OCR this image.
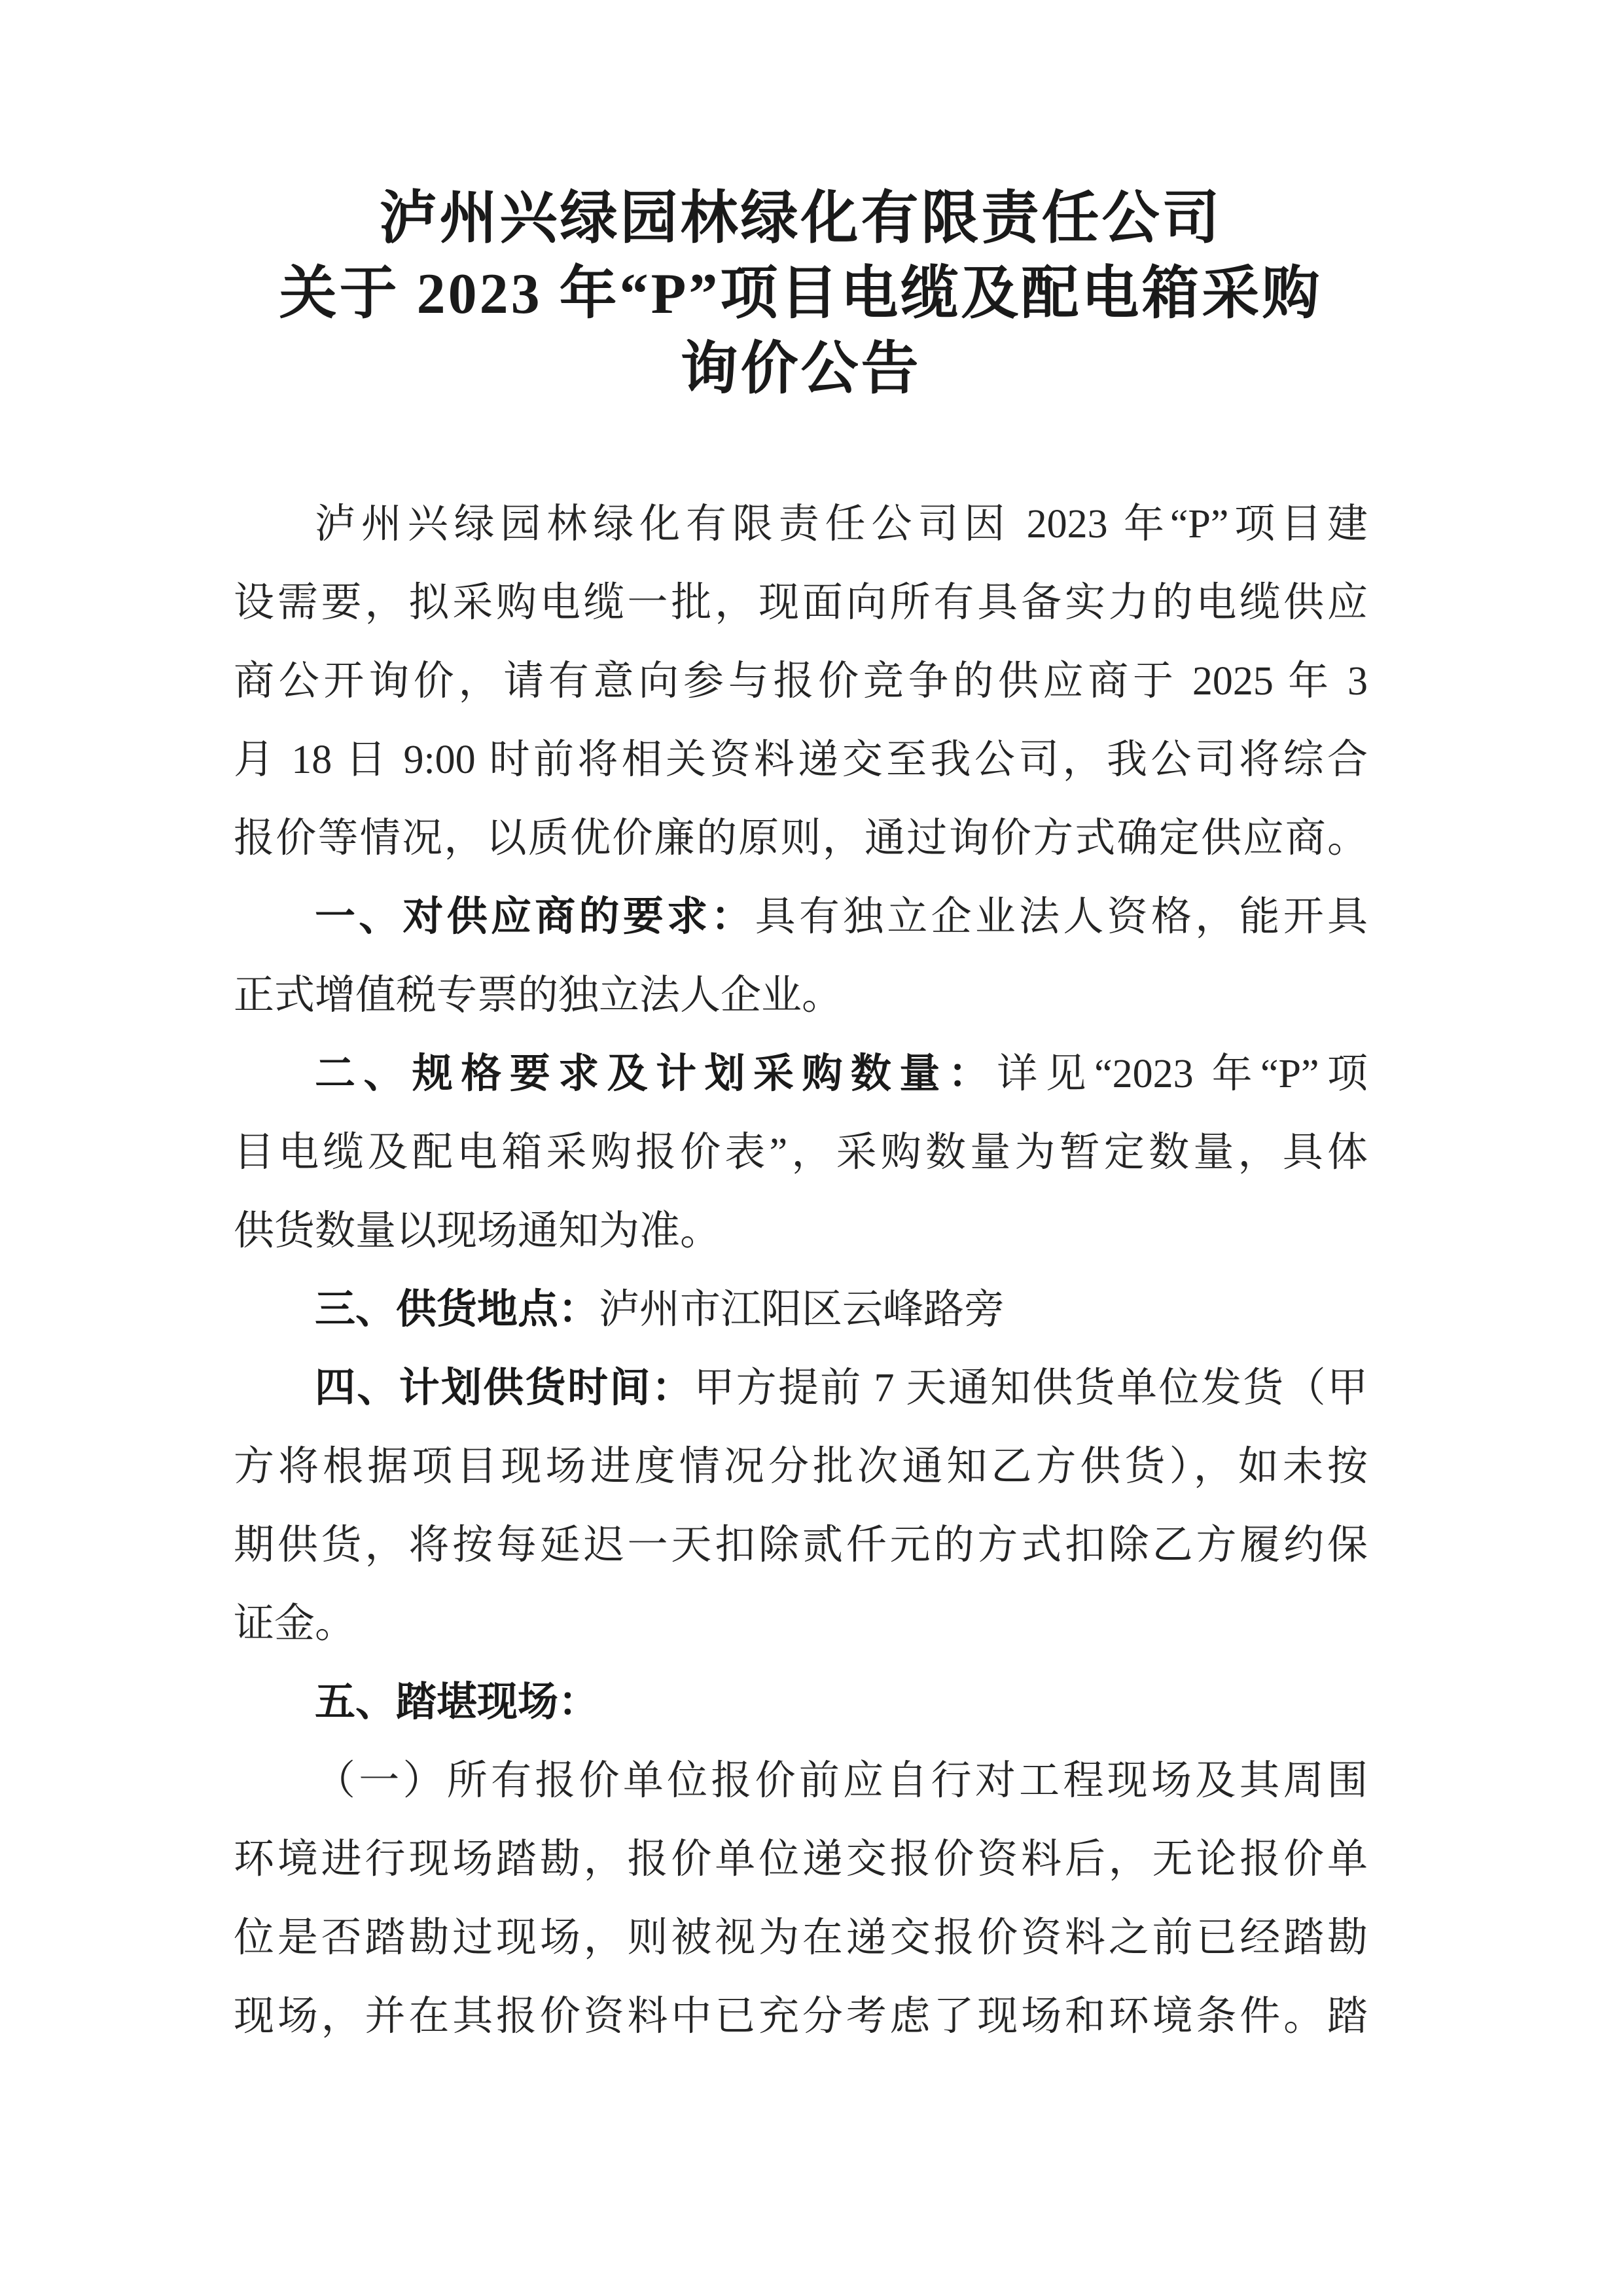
泸州兴绿园林绿化有限责任公司
关于 2023 年“P”项目电缆及配电箱采购
询价公告
泸州兴绿园林绿化有限责任公司因 2023 年“P”项目建
设需要，拟采购电缆一批，现面向所有具备实力的电缆供应
商公开询价，请有意向参与报价竞争的供应商于 2025 年 3
月 18 日 9:00 时前将相关资料递交至我公司，我公司将综合
报价等情况，以质优价廉的原则，通过询价方式确定供应商。
一、对供应商的要求：具有独立企业法人资格，能开具
正式增值税专票的独立法人企业。
二、规格要求及计划采购数量：详见“2023 年“P”项
目电缆及配电箱采购报价表”，采购数量为暂定数量，具体
供货数量以现场通知为准。
三、供货地点：泸州市江阳区云峰路旁
四、计划供货时间：甲方提前 7 天通知供货单位发货（甲
方将根据项目现场进度情况分批次通知乙方供货），如未按
期供货，将按每延迟一天扣除贰仟元的方式扣除乙方履约保
证金。
五、踏堪现场：
（一）所有报价单位报价前应自行对工程现场及其周围
环境进行现场踏勘，报价单位递交报价资料后，无论报价单
位是否踏勘过现场，则被视为在递交报价资料之前已经踏勘
现场，并在其报价资料中已充分考虑了现场和环境条件。踏
